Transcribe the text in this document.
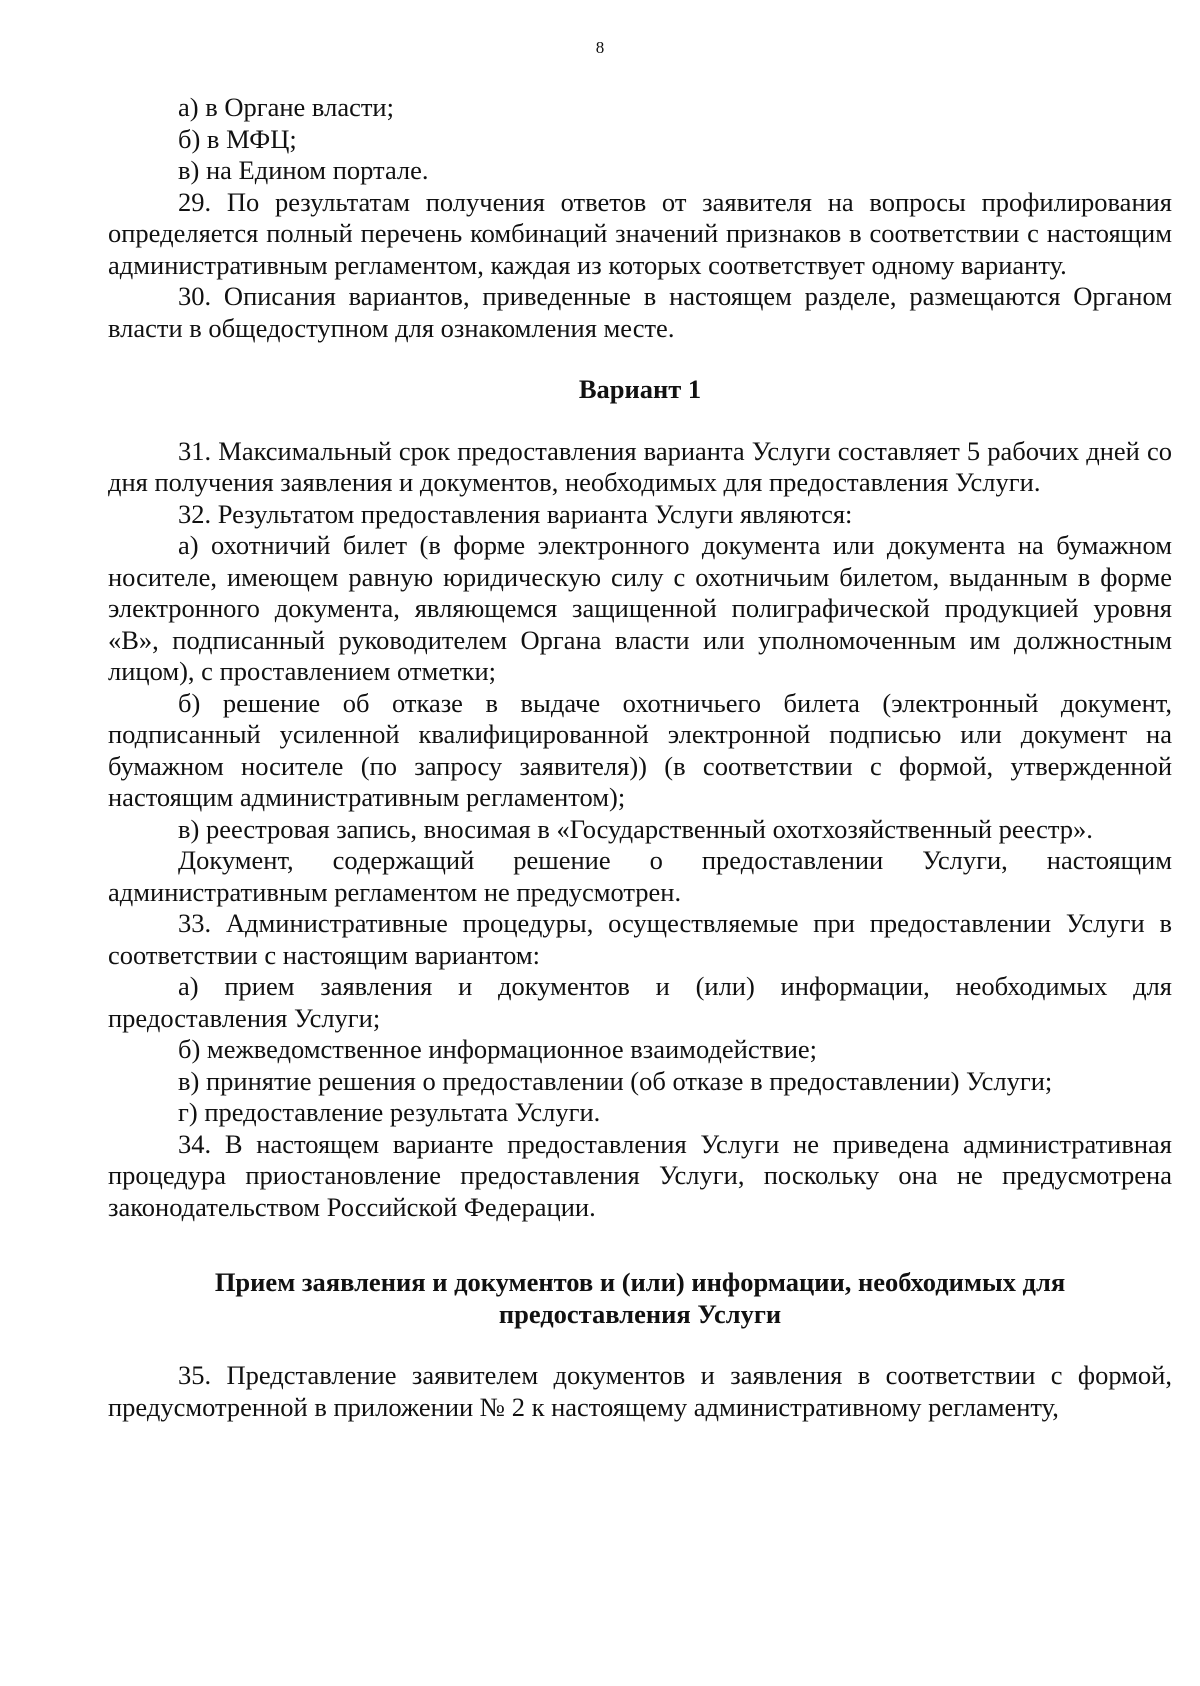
8

а) в Органе власти;

б) в МФЦ;

в) на Едином портале.

29. По результатам получения ответов от заявителя на вопросы профилирования определяется полный перечень комбинаций значений признаков в соответствии с настоящим административным регламентом, каждая из которых соответствует одному варианту.

30. Описания вариантов, приведенные в настоящем разделе, размещаются Органом власти в общедоступном для ознакомления месте.

Вариант 1

31. Максимальный срок предоставления варианта Услуги составляет 5 рабочих дней со дня получения заявления и документов, необходимых для предоставления Услуги.

32. Результатом предоставления варианта Услуги являются:

а) охотничий билет (в форме электронного документа или документа на бумажном носителе, имеющем равную юридическую силу с охотничьим билетом, выданным в форме электронного документа, являющемся защищенной полиграфической продукцией уровня «В», подписанный руководителем Органа власти или уполномоченным им должностным лицом), с проставлением отметки;

б) решение об отказе в выдаче охотничьего билета (электронный документ, подписанный усиленной квалифицированной электронной подписью или документ на бумажном носителе (по запросу заявителя)) (в соответствии с формой, утвержденной настоящим административным регламентом);

в) реестровая запись, вносимая в «Государственный охотхозяйственный реестр».

Документ, содержащий решение о предоставлении Услуги, настоящим административным регламентом не предусмотрен.

33. Административные процедуры, осуществляемые при предоставлении Услуги в соответствии с настоящим вариантом:

а) прием заявления и документов и (или) информации, необходимых для предоставления Услуги;

б) межведомственное информационное взаимодействие;

в) принятие решения о предоставлении (об отказе в предоставлении) Услуги;

г) предоставление результата Услуги.

34. В настоящем варианте предоставления Услуги не приведена административная процедура приостановление предоставления Услуги, поскольку она не предусмотрена законодательством Российской Федерации.

Прием заявления и документов и (или) информации, необходимых для
предоставления Услуги

35. Представление заявителем документов и заявления в соответствии с формой, предусмотренной в приложении № 2 к настоящему административному регламенту,
